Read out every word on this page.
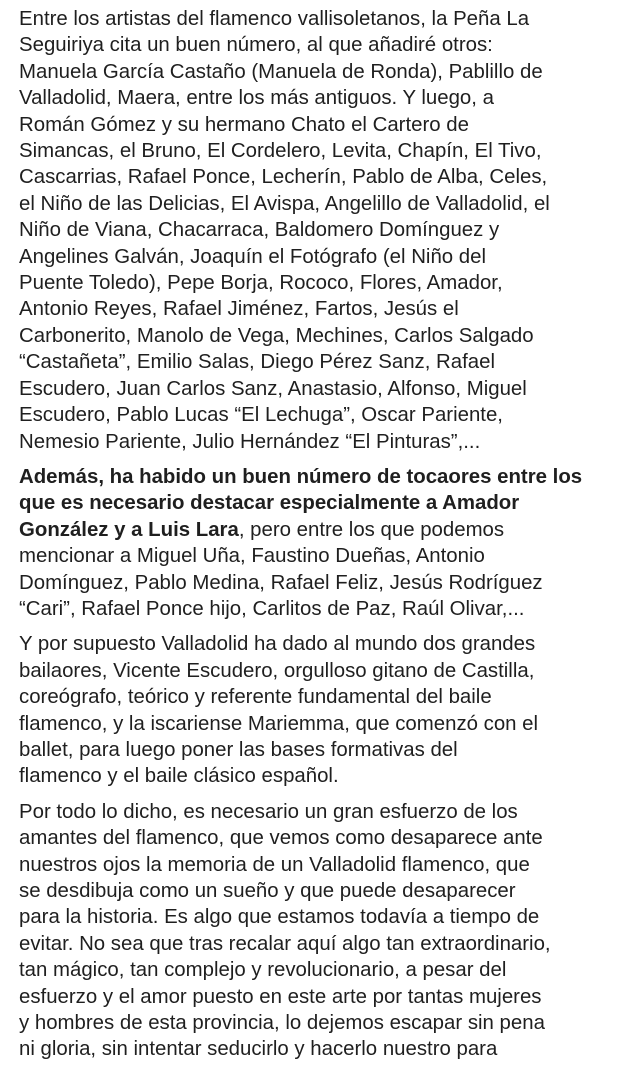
Entre los artistas del flamenco vallisoletanos, la Peña La
Seguiriya cita un buen número, al que añadiré otros:
Manuela García Castaño (Manuela de Ronda), Pablillo de
Valladolid, Maera, entre los más antiguos. Y luego, a
Román Gómez y su hermano Chato el Cartero de
Simancas, el Bruno, El Cordelero, Levita, Chapín, El Tivo,
Cascarrias, Rafael Ponce, Lecherín, Pablo de Alba, Celes,
el Niño de las Delicias, El Avispa, Angelillo de Valladolid, el
Niño de Viana, Chacarraca, Baldomero Domínguez y
Angelines Galván, Joaquín el Fotógrafo (el Niño del
Puente Toledo), Pepe Borja, Rococo, Flores, Amador,
Antonio Reyes, Rafael Jiménez, Fartos, Jesús el
Carbonerito, Manolo de Vega, Mechines, Carlos Salgado
“Castañeta”, Emilio Salas, Diego Pérez Sanz, Rafael
Escudero, Juan Carlos Sanz, Anastasio, Alfonso, Miguel
Escudero, Pablo Lucas “El Lechuga”, Oscar Pariente,
Nemesio Pariente, Julio Hernández “El Pinturas”,...

Además, ha habido un buen número de tocaores entre los
que es necesario destacar especialmente a Amador
González y a Luis Lara, pero entre los que podemos
mencionar a Miguel Uña, Faustino Dueñas, Antonio
Domínguez, Pablo Medina, Rafael Feliz, Jesús Rodríguez
“Cari”, Rafael Ponce hijo, Carlitos de Paz, Raúl Olivar,...

Y por supuesto Valladolid ha dado al mundo dos grandes
bailaores, Vicente Escudero, orgulloso gitano de Castilla,
coreógrafo, teórico y referente fundamental del baile
flamenco, y la iscariense Mariemma, que comenzó con el
ballet, para luego poner las bases formativas del
flamenco y el baile clásico español.

Por todo lo dicho, es necesario un gran esfuerzo de los
amantes del flamenco, que vemos como desaparece ante
nuestros ojos la memoria de un Valladolid flamenco, que
se desdibuja como un sueño y que puede desaparecer
para la historia. Es algo que estamos todavía a tiempo de
evitar. No sea que tras recalar aquí algo tan extraordinario,
tan mágico, tan complejo y revolucionario, a pesar del
esfuerzo y el amor puesto en este arte por tantas mujeres
y hombres de esta provincia, lo dejemos escapar sin pena
ni gloria, sin intentar seducirlo y hacerlo nuestro para
